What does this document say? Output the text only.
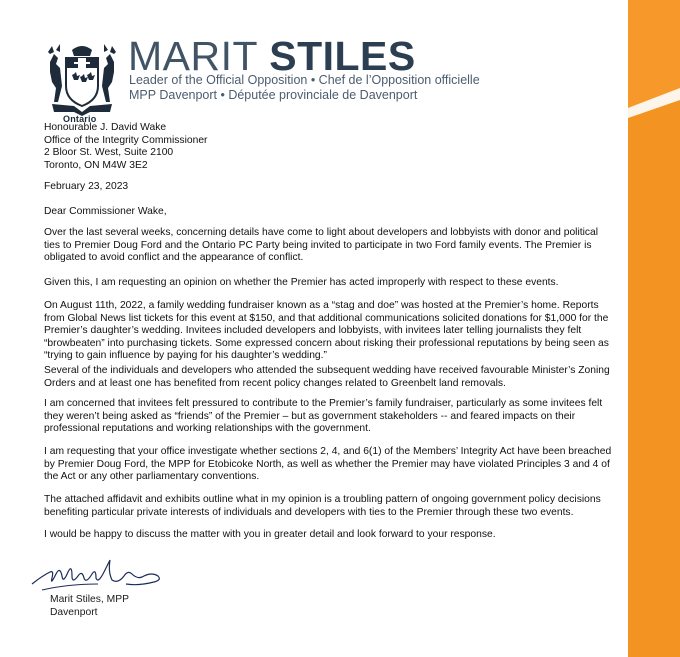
Ontario
MARIT STILES
Leader of the Official Opposition • Chef de l’Opposition officielle
MPP Davenport • Députée provinciale de Davenport
Honourable J. David Wake
Office of the Integrity Commissioner
2 Bloor St. West, Suite 2100
Toronto, ON M4W 3E2
February 23, 2023
Dear Commissioner Wake,

Over the last several weeks, concerning details have come to light about developers and lobbyists with donor and political ties to Premier Doug Ford and the Ontario PC Party being invited to participate in two Ford family events. The Premier is obligated to avoid conflict and the appearance of conflict.

Given this, I am requesting an opinion on whether the Premier has acted improperly with respect to these events.

On August 11th, 2022, a family wedding fundraiser known as a “stag and doe” was hosted at the Premier’s home. Reports from Global News list tickets for this event at $150, and that additional communications solicited donations for $1,000 for the Premier’s daughter’s wedding. Invitees included developers and lobbyists, with invitees later telling journalists they felt “browbeaten” into purchasing tickets. Some expressed concern about risking their professional reputations by being seen as “trying to gain influence by paying for his daughter’s wedding.”

Several of the individuals and developers who attended the subsequent wedding have received favourable Minister’s Zoning Orders and at least one has benefited from recent policy changes related to Greenbelt land removals.

I am concerned that invitees felt pressured to contribute to the Premier’s family fundraiser, particularly as some invitees felt they weren’t being asked as “friends” of the Premier – but as government stakeholders -- and feared impacts on their professional reputations and working relationships with the government.

I am requesting that your office investigate whether sections 2, 4, and 6(1) of the Members’ Integrity Act have been breached by Premier Doug Ford, the MPP for Etobicoke North, as well as whether the Premier may have violated Principles 3 and 4 of the Act or any other parliamentary conventions.

The attached affidavit and exhibits outline what in my opinion is a troubling pattern of ongoing government policy decisions benefiting particular private interests of individuals and developers with ties to the Premier through these two events.

I would be happy to discuss the matter with you in greater detail and look forward to your response.

Marit Stiles, MPP
Davenport
